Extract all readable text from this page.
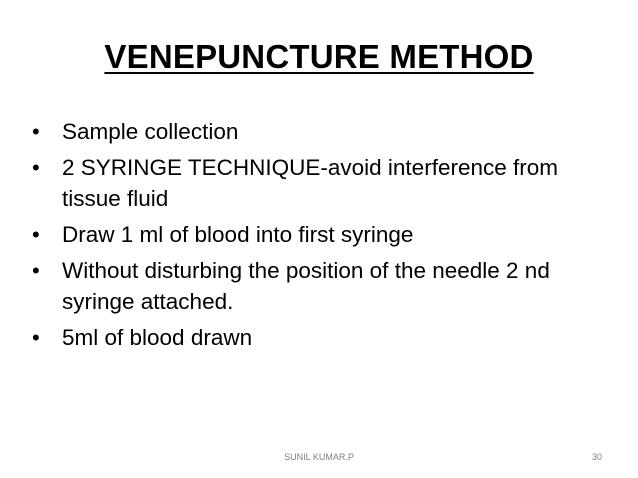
VENEPUNCTURE METHOD
• Sample collection
• 2 SYRINGE TECHNIQUE-avoid interference from tissue fluid
• Draw 1 ml of blood into first syringe
• Without disturbing the position of the needle 2 nd syringe attached.
• 5ml of blood drawn
SUNIL KUMAR.P	30
